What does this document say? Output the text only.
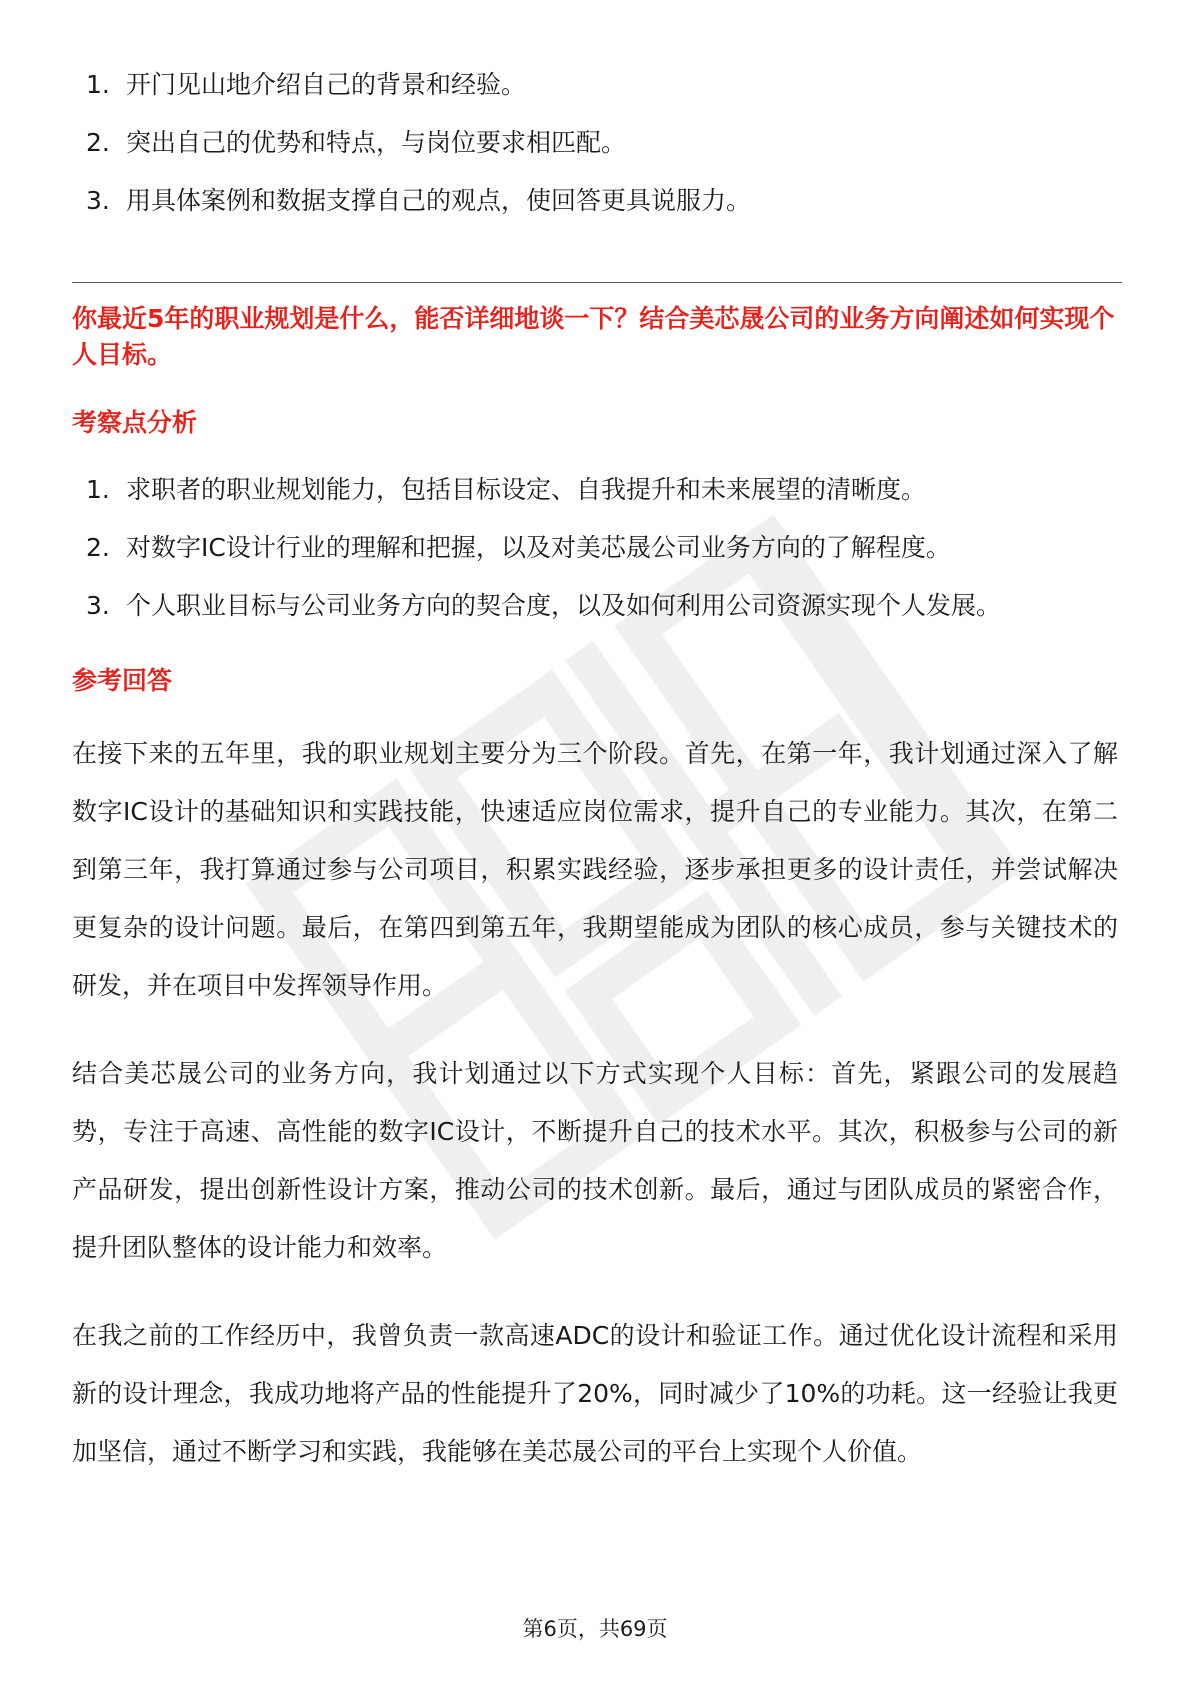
1. 开门见山地介绍自己的背景和经验。
2. 突出自己的优势和特点，与岗位要求相匹配。
3. 用具体案例和数据支撑自己的观点，使回答更具说服力。

你最近5年的职业规划是什么，能否详细地谈一下？结合美芯晟公司的业务方向阐述如何实现个人目标。

考察点分析
1. 求职者的职业规划能力，包括目标设定、自我提升和未来展望的清晰度。
2. 对数字IC设计行业的理解和把握，以及对美芯晟公司业务方向的了解程度。
3. 个人职业目标与公司业务方向的契合度，以及如何利用公司资源实现个人发展。
参考回答

在接下来的五年里，我的职业规划主要分为三个阶段。首先，在第一年，我计划通过深入了解数字IC设计的基础知识和实践技能，快速适应岗位需求，提升自己的专业能力。其次，在第二到第三年，我打算通过参与公司项目，积累实践经验，逐步承担更多的设计责任，并尝试解决更复杂的设计问题。最后，在第四到第五年，我期望能成为团队的核心成员，参与关键技术的研发，并在项目中发挥领导作用。

结合美芯晟公司的业务方向，我计划通过以下方式实现个人目标：首先，紧跟公司的发展趋势，专注于高速、高性能的数字IC设计，不断提升自己的技术水平。其次，积极参与公司的新产品研发，提出创新性设计方案，推动公司的技术创新。最后，通过与团队成员的紧密合作，提升团队整体的设计能力和效率。

在我之前的工作经历中，我曾负责一款高速ADC的设计和验证工作。通过优化设计流程和采用新的设计理念，我成功地将产品的性能提升了20%，同时减少了10%的功耗。这一经验让我更加坚信，通过不断学习和实践，我能够在美芯晟公司的平台上实现个人价值。

第6页，共69页
